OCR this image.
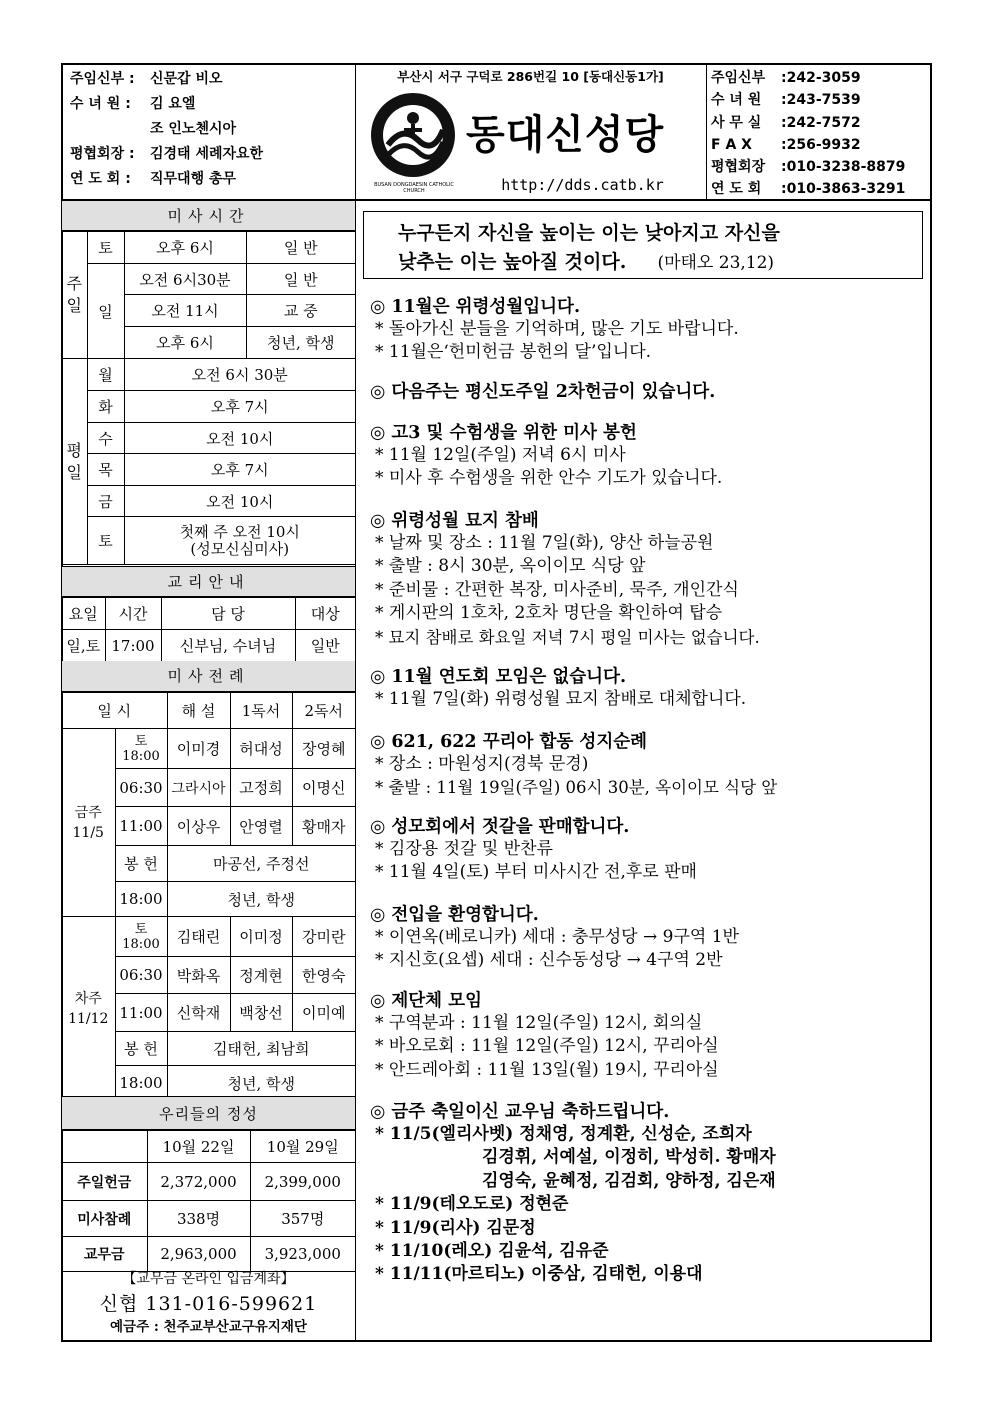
주임신부 :	신문갑 비오
수 녀 원 :	김 요엘
조 인노첸시아
평협회장 :	김경태 세례자요한
연 도 회 :	직무대행 총무
부산시 서구 구덕로 286번길 10 [동대신동1가]
동대신성당
http://dds.catb.kr
BUSAN DONGDAESIN CATHOLIC CHURCH
주임신부	: 242-3059
수 녀 원	: 243-7539
사 무 실	: 242-7572
F A X	: 256-9932
평협회장	: 010-3238-8879
연 도 회	: 010-3863-3291
미사시간
주일	토	오후 6시	일 반
	일	오전 6시30분	일 반
		오전 11시	교 중
		오후 6시	청년, 학생
평일	월	오전 6시 30분
	화	오후 7시
	수	오전 10시
	목	오후 7시
	금	오전 10시
	토	첫째 주 오전 10시
(성모신심미사)
교리안내
요일	시간	담 당	대상
일,토	17:00	신부님, 수녀님	일반
미사전례
일 시		해 설	1독서	2독서

금주
11/5	토 18:00	이미경	허대성	장영혜
	06:30	그라시아	고정희	이명신
	11:00	이상우	안영렬	황매자
	봉 헌	마공선, 주정선		
	18:00	청년, 학생		

차주
11/12	토 18:00	김태린	이미정	강미란
	06:30	박화옥	정계현	한영숙
	11:00	신학재	백창선	이미예
	봉 헌	김태헌, 최남희		
	18:00	청년, 학생		
우리들의 정성
	10월 22일	10월 29일
주일헌금	2,372,000	2,399,000
미사참례	338명	357명
교무금	2,963,000	3,923,000
【교무금 온라인 입금계좌】
신협 131-016-599621
예금주 : 천주교부산교구유지재단
누구든지 자신을 높이는 이는 낮아지고 자신을
낮추는 이는 높아질 것이다. (마태오 23,12)
◎ 11월은 위령성월입니다.
* 돌아가신 분들을 기억하며, 많은 기도 바랍니다.
* 11월은‘헌미헌금 봉헌의 달’입니다.
◎ 다음주는 평신도주일 2차헌금이 있습니다.
◎ 고3 및 수험생을 위한 미사 봉헌
* 11월 12일(주일) 저녁 6시 미사
* 미사 후 수험생을 위한 안수 기도가 있습니다.
◎ 위령성월 묘지 참배
* 날짜 및 장소 : 11월 7일(화), 양산 하늘공원
* 출발 : 8시 30분, 옥이이모 식당 앞
* 준비물 : 간편한 복장, 미사준비, 묵주, 개인간식
* 게시판의 1호차, 2호차 명단을 확인하여 탑승
* 묘지 참배로 화요일 저녁 7시 평일 미사는 없습니다.
◎ 11월 연도회 모임은 없습니다.
* 11월 7일(화) 위령성월 묘지 참배로 대체합니다.
◎ 621, 622 꾸리아 합동 성지순례
* 장소 : 마원성지(경북 문경)
* 출발 : 11월 19일(주일) 06시 30분, 옥이이모 식당 앞
◎ 성모회에서 젓갈을 판매합니다.
* 김장용 젓갈 및 반찬류
* 11월 4일(토) 부터 미사시간 전,후로 판매
◎ 전입을 환영합니다.
* 이연옥(베로니카) 세대 : 충무성당 → 9구역 1반
* 지신호(요셉) 세대 : 신수동성당 → 4구역 2반
◎ 제단체 모임
* 구역분과 : 11월 12일(주일) 12시, 회의실
* 바오로회 : 11월 12일(주일) 12시, 꾸리아실
* 안드레아회 : 11월 13일(월) 19시, 꾸리아실
◎ 금주 축일이신 교우님 축하드립니다.
* 11/5(엘리사벳) 정채영, 정계환, 신성순, 조희자
김경휘, 서예설, 이정히, 박성히. 황매자
김영숙, 윤혜정, 김검회, 양하정, 김은재
* 11/9(테오도로) 정현준
* 11/9(리사) 김문정
* 11/10(레오) 김윤석, 김유준
* 11/11(마르티노) 이중삼, 김태헌, 이용대
